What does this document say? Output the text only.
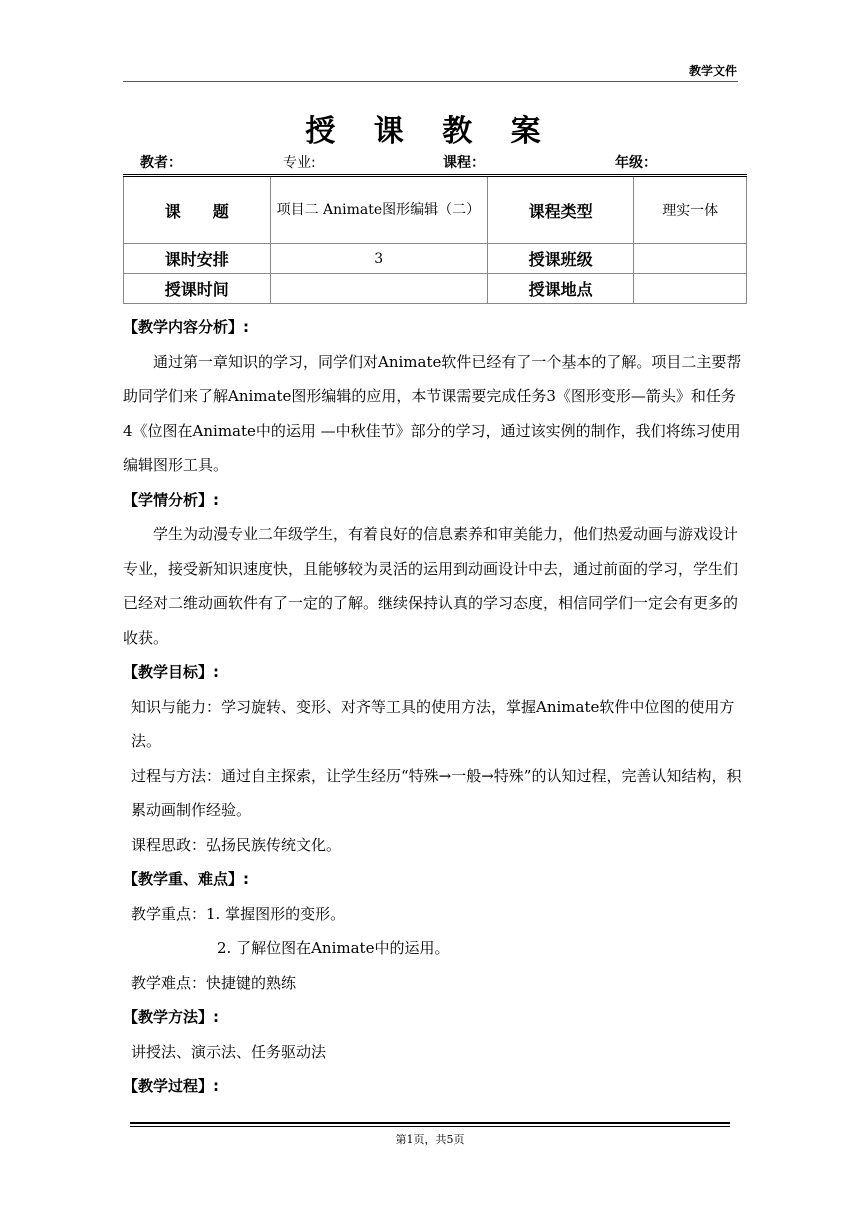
教学文件
授 课 教 案
教者：	专业:	课程：	年级：
课　　题	项目二 Animate图形编辑（二）	课程类型	理实一体
课时安排	3	授课班级	
授课时间		授课地点	

【教学内容分析】:

通过第一章知识的学习，同学们对Animate软件已经有了一个基本的了解。项目二主要帮助同学们来了解Animate图形编辑的应用，本节课需要完成任务3《图形变形—箭头》和任务4《位图在Animate中的运用 —中秋佳节》部分的学习，通过该实例的制作，我们将练习使用编辑图形工具。

【学情分析】:

学生为动漫专业二年级学生，有着良好的信息素养和审美能力，他们热爱动画与游戏设计专业，接受新知识速度快，且能够较为灵活的运用到动画设计中去，通过前面的学习，学生们已经对二维动画软件有了一定的了解。继续保持认真的学习态度，相信同学们一定会有更多的收获。

【教学目标】:

知识与能力：学习旋转、变形、对齐等工具的使用方法，掌握Animate软件中位图的使用方法。

过程与方法：通过自主探索，让学生经历“特殊→一般→特殊”的认知过程，完善认知结构，积累动画制作经验。

课程思政：弘扬民族传统文化。

【教学重、难点】:

教学重点：1. 掌握图形的变形。

2. 了解位图在Animate中的运用。

教学难点：快捷键的熟练

【教学方法】:

讲授法、演示法、任务驱动法

【教学过程】:

第1页，共5页
